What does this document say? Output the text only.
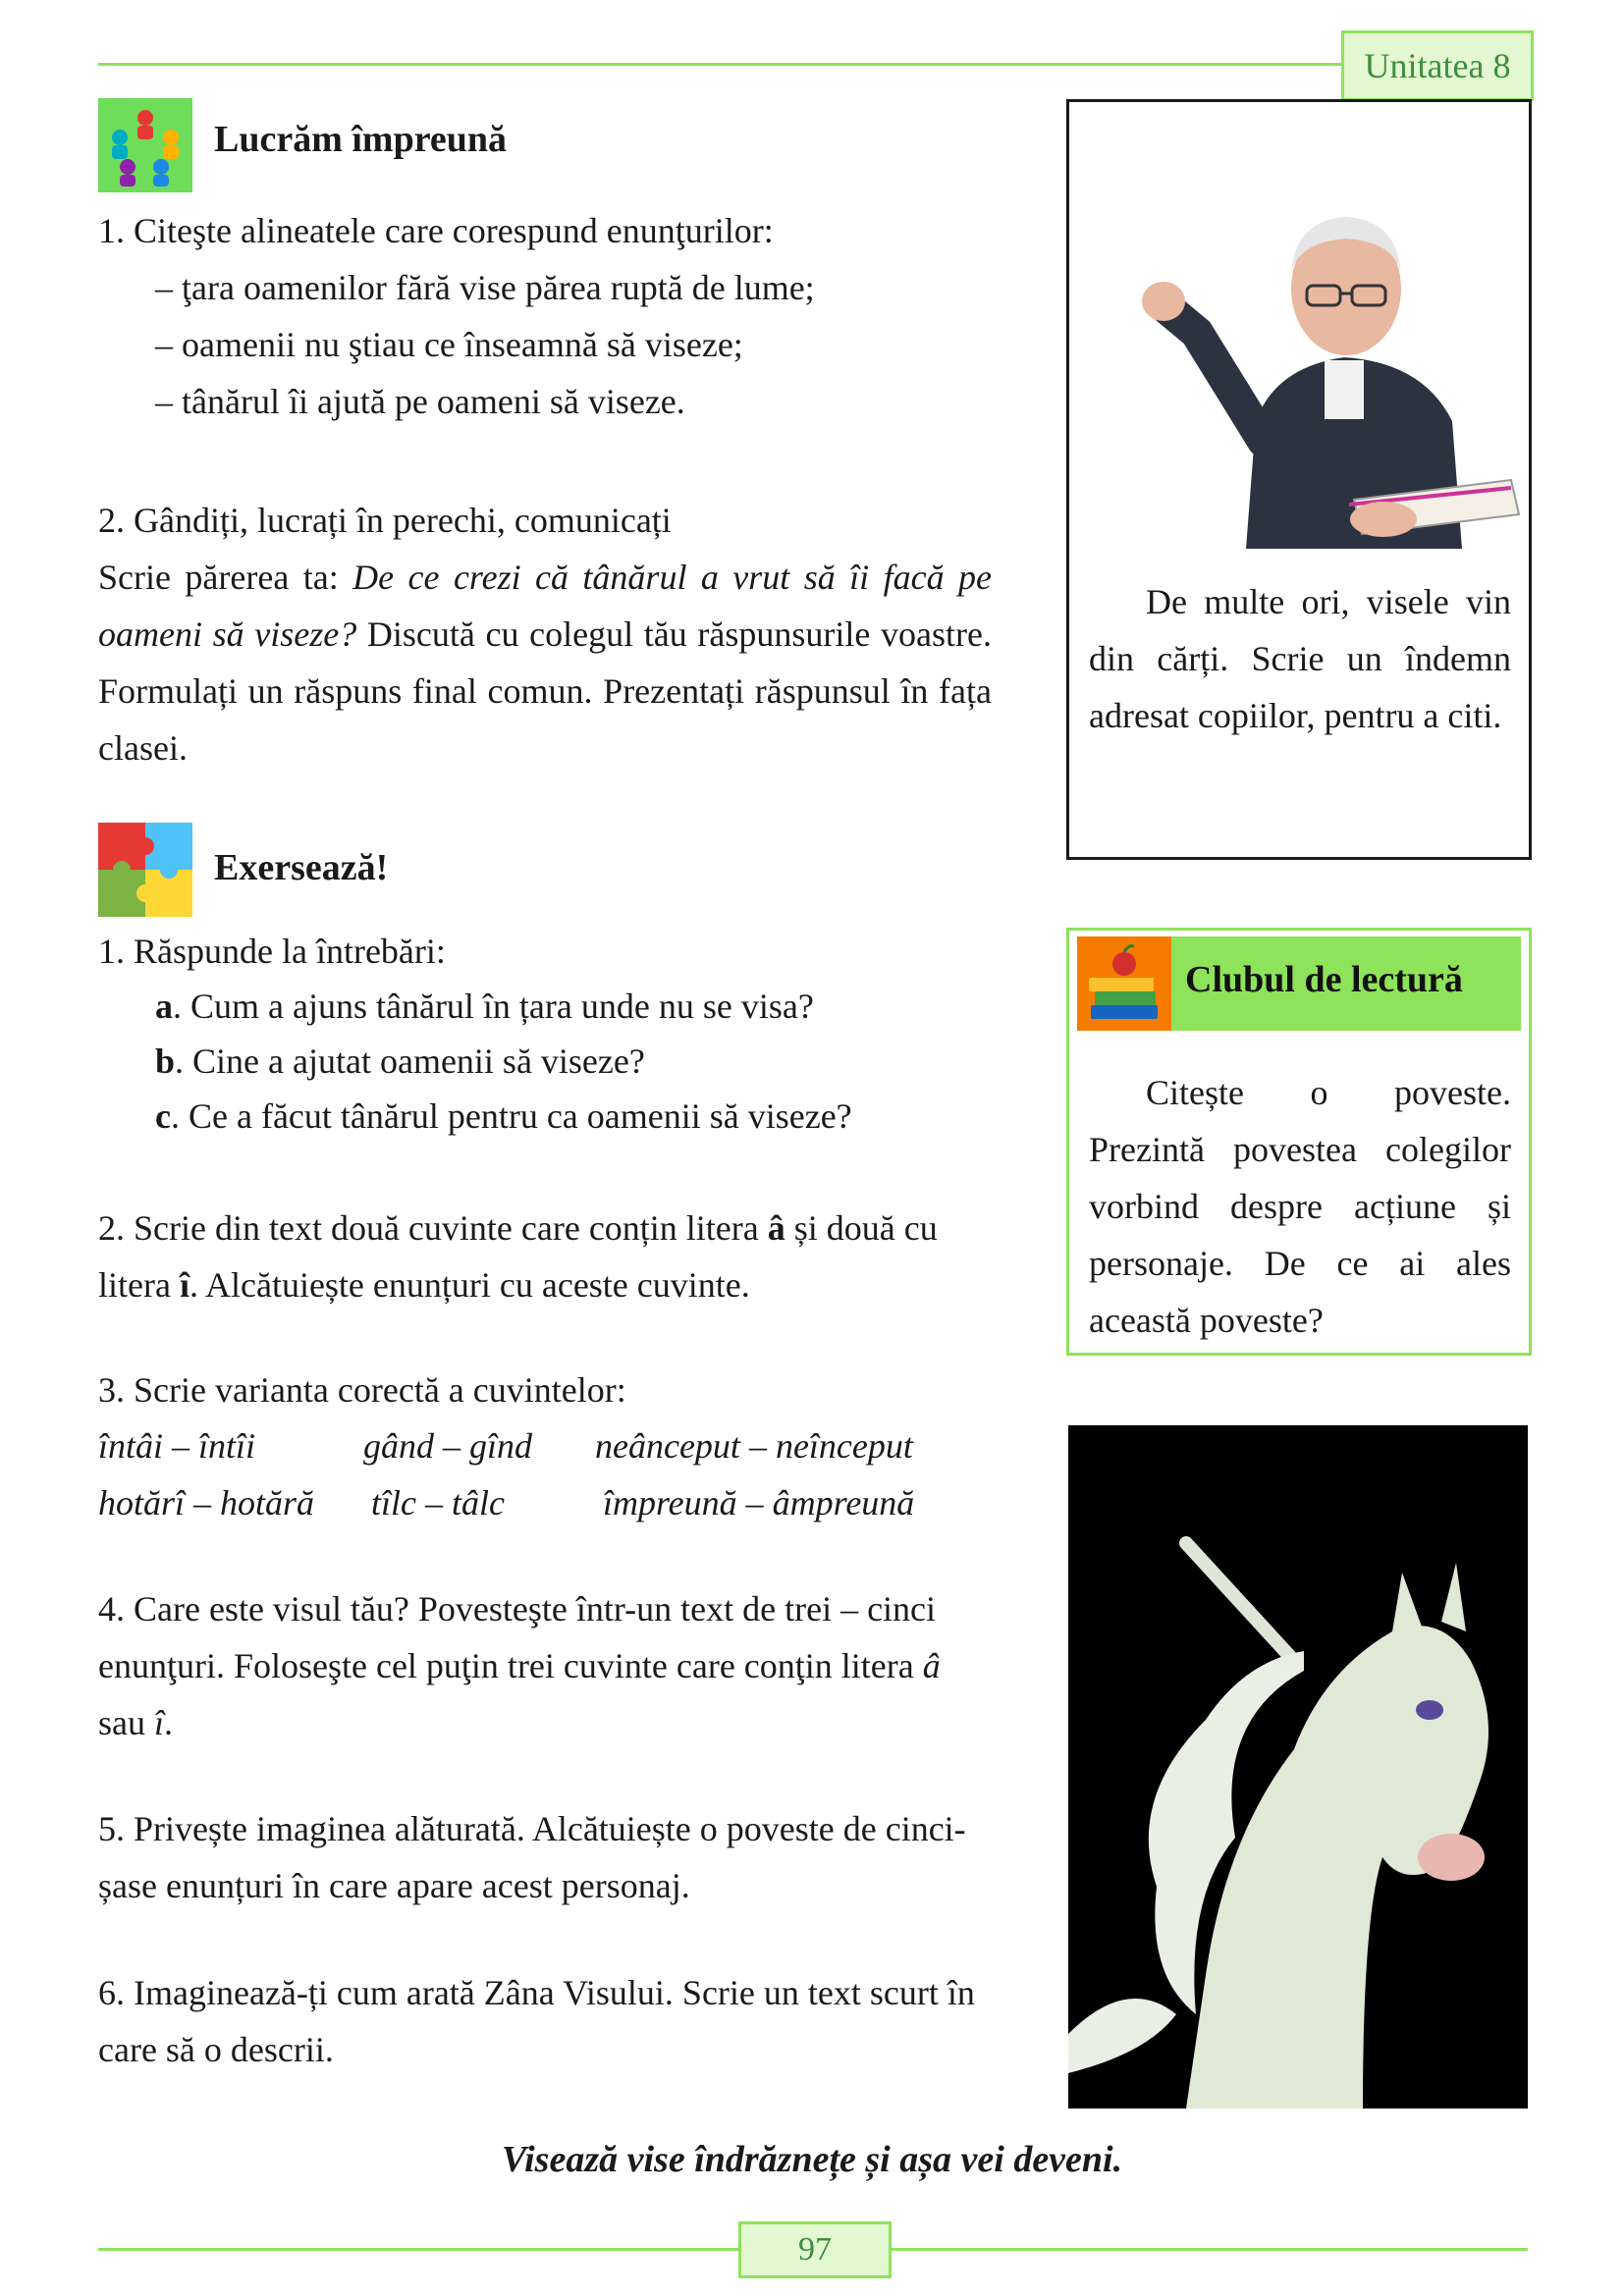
Unitatea 8
Lucrăm împreună
1. Citeşte alineatele care corespund enunţurilor:
– ţara oamenilor fără vise părea ruptă de lume;
– oamenii nu ştiau ce înseamnă să viseze;
– tânărul îi ajută pe oameni să viseze.
2. Gândiți, lucrați în perechi, comunicați
Scrie părerea ta: De ce crezi că tânărul a vrut să îi facă pe oameni să viseze? Discută cu colegul tău răspunsurile voastre. Formulați un răspuns final comun. Prezentați răspunsul în fața clasei.
Exersează!
1. Răspunde la întrebări:
a. Cum a ajuns tânărul în țara unde nu se visa?
b. Cine a ajutat oamenii să viseze?
c. Ce a făcut tânărul pentru ca oamenii să viseze?
2. Scrie din text două cuvinte care conțin litera â și două cu litera î. Alcătuiește enunțuri cu aceste cuvinte.
3. Scrie varianta corectă a cuvintelor:
întâi – întîi	gând – gînd neânceput – neînceput
hotărî – hotără tîlc – tâlc	împreună – âmpreună
4. Care este visul tău? Povesteşte într-un text de trei – cinci enunţuri. Foloseşte cel puţin trei cuvinte care conţin litera â sau î.
5. Privește imaginea alăturată. Alcătuiește o poveste de cinci-șase enunțuri în care apare acest personaj.
6. Imaginează-ți cum arată Zâna Visului. Scrie un text scurt în care să o descrii.
De multe ori, visele vin din cărți. Scrie un îndemn adresat copiilor, pentru a citi.
Clubul de lectură
Citește o poveste. Prezintă povestea colegilor vorbind despre acțiune și personaje. De ce ai ales această poveste?
Visează vise îndrăznețe și așa vei deveni.
97
